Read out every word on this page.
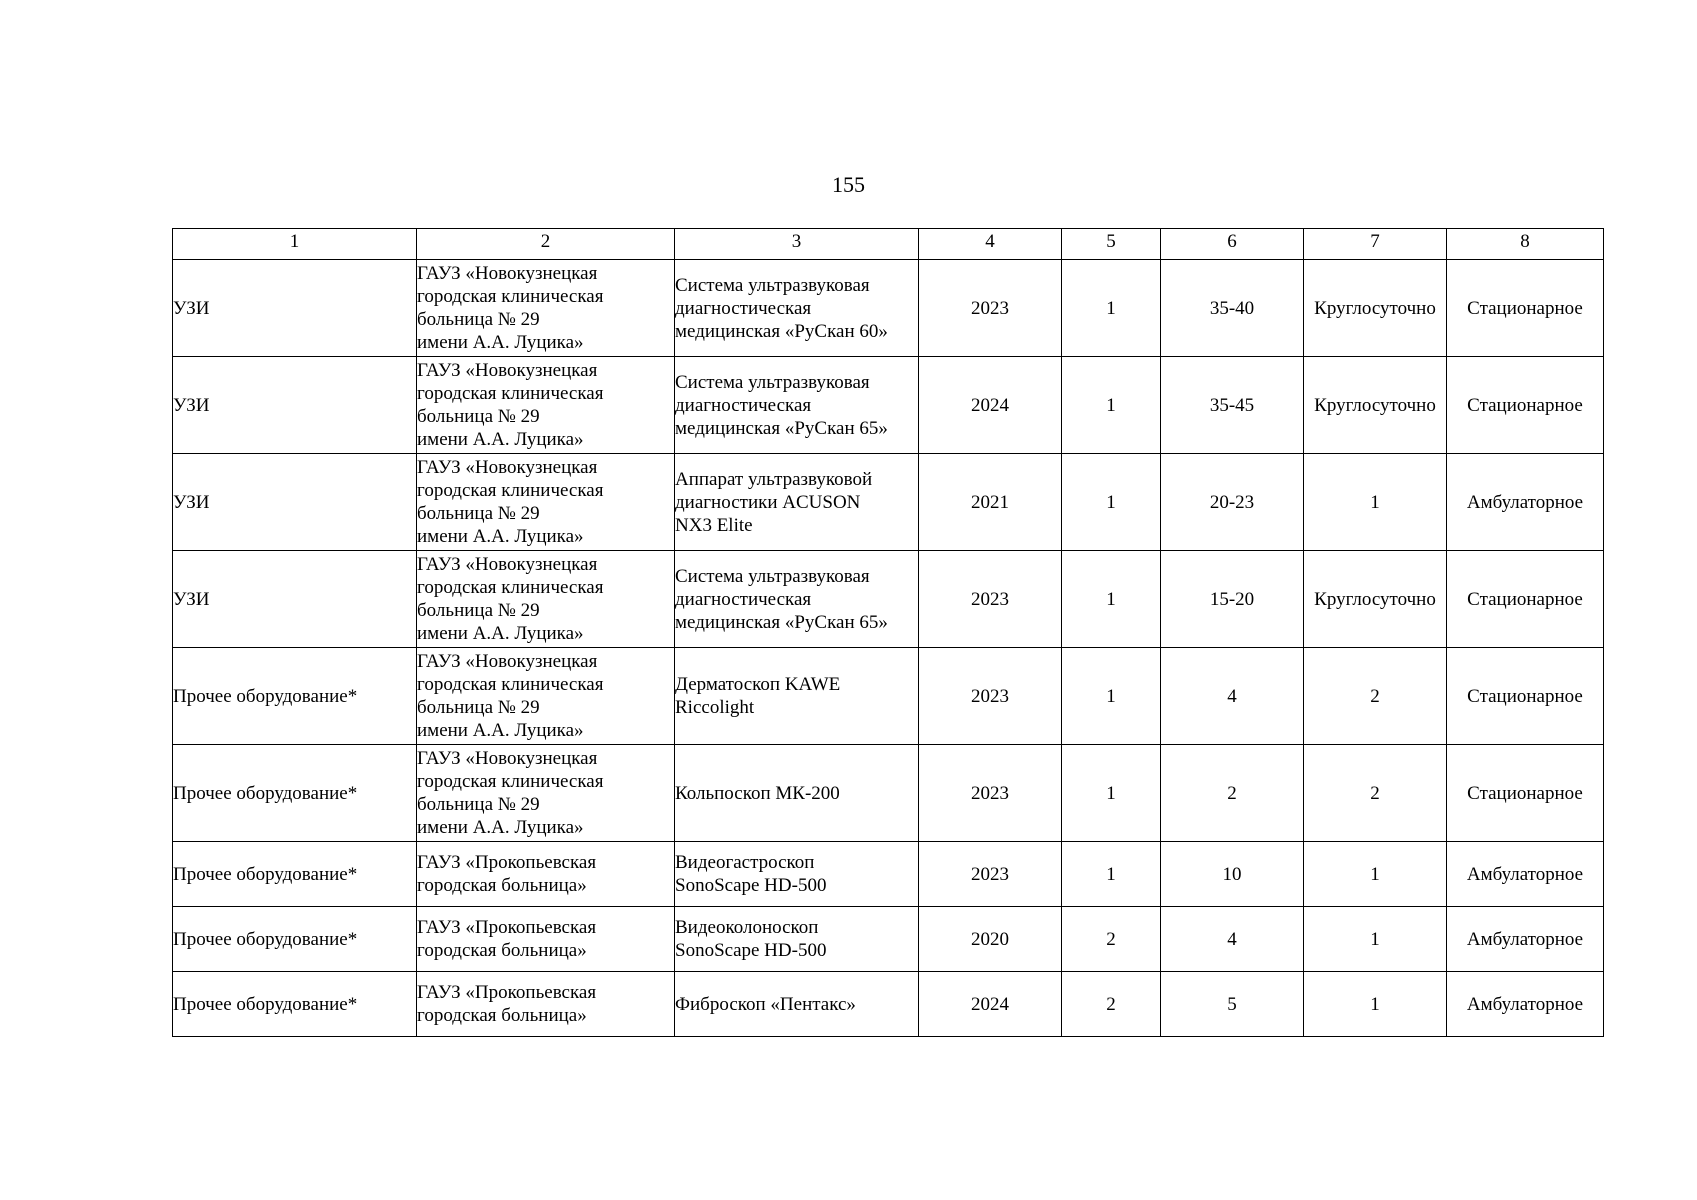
155
1	2	3	4	5	6	7	8
УЗИ	ГАУЗ «Новокузнецкая
городская клиническая
больница № 29
имени А.А. Луцика»	Система ультразвуковая
диагностическая
медицинская «РуСкан 60»	2023	1	35-40	Круглосуточно	Стационарное
УЗИ	ГАУЗ «Новокузнецкая
городская клиническая
больница № 29
имени А.А. Луцика»	Система ультразвуковая
диагностическая
медицинская «РуСкан 65»	2024	1	35-45	Круглосуточно	Стационарное
УЗИ	ГАУЗ «Новокузнецкая
городская клиническая
больница № 29
имени А.А. Луцика»	Аппарат ультразвуковой
диагностики ACUSON
NX3 Elite	2021	1	20-23	1	Амбулаторное
УЗИ	ГАУЗ «Новокузнецкая
городская клиническая
больница № 29
имени А.А. Луцика»	Система ультразвуковая
диагностическая
медицинская «РуСкан 65»	2023	1	15-20	Круглосуточно	Стационарное
Прочее оборудование*	ГАУЗ «Новокузнецкая
городская клиническая
больница № 29
имени А.А. Луцика»	Дерматоскоп KAWE
Riccolight	2023	1	4	2	Стационарное
Прочее оборудование*	ГАУЗ «Новокузнецкая
городская клиническая
больница № 29
имени А.А. Луцика»	Кольпоскоп МК-200	2023	1	2	2	Стационарное
Прочее оборудование*	ГАУЗ «Прокопьевская
городская больница»	Видеогастроскоп
SonoScape HD-500	2023	1	10	1	Амбулаторное
Прочее оборудование*	ГАУЗ «Прокопьевская
городская больница»	Видеоколоноскоп
SonoScape HD-500	2020	2	4	1	Амбулаторное
Прочее оборудование*	ГАУЗ «Прокопьевская
городская больница»	Фиброскоп «Пентакс»	2024	2	5	1	Амбулаторное
